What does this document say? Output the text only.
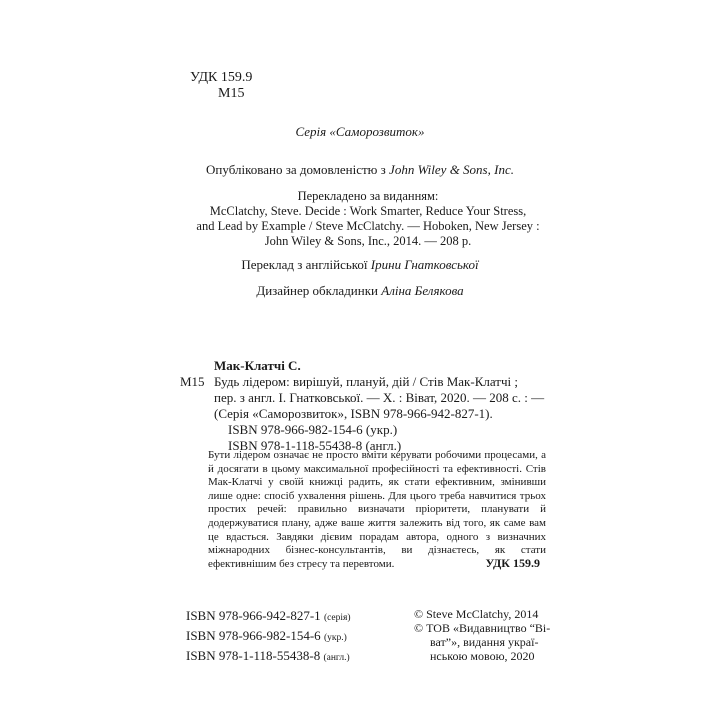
УДК 159.9
М15
Серія «Саморозвиток»
Опубліковано за домовленістю з John Wiley & Sons, Inc.
Перекладено за виданням:
McClatchy, Steve. Decide : Work Smarter, Reduce Your Stress,
and Lead by Example / Steve McClatchy. — Hoboken, New Jersey :
John Wiley & Sons, Inc., 2014. — 208 p.
Переклад з англійської Ірини Гнатковської
Дизайнер обкладинки Аліна Белякова
Мак-Клатчі С.
М15 Будь лідером: вирішуй, плануй, дій / Стів Мак-Клатчі ;
пер. з англ. І. Гнатковської. — Х. : Віват, 2020. — 208 с. : —
(Серія «Саморозвиток», ISBN 978-966-942-827-1).
ISBN 978-966-982-154-6 (укр.)
ISBN 978-1-118-55438-8 (англ.)
Бути лідером означає не просто вміти керувати робочими процесами, а й досягати в цьому максимальної професійності та ефективності. Стів Мак-Клатчі у своїй книжці радить, як стати ефективним, змінивши лише одне: спосіб ухвалення рішень. Для цього треба навчитися трьох простих речей: правильно визначати пріоритети, планувати й додержуватися плану, адже ваше життя залежить від того, як саме вам це вдасться. Завдяки дієвим порадам автора, одного з визначних міжнародних бізнес-консультантів, ви дізнаєтесь, як стати ефективнішим без стресу та перевтоми.	УДК 159.9
ISBN 978-966-942-827-1 (серія)
ISBN 978-966-982-154-6 (укр.)
ISBN 978-1-118-55438-8 (англ.)
© Steve McClatchy, 2014
© ТОВ «Видавництво “Ві-
ват”», видання украї-
нською мовою, 2020
